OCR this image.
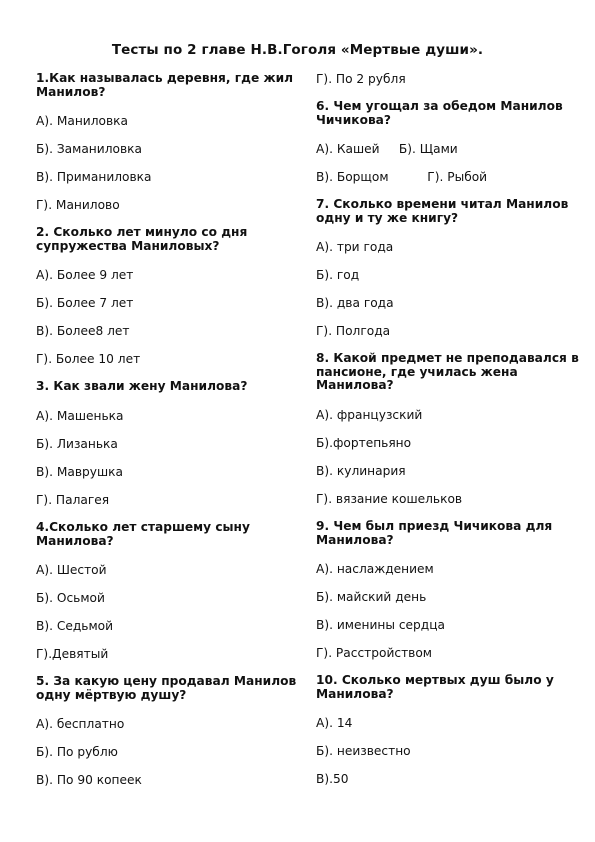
Тесты по 2 главе Н.В.Гоголя «Мертвые души».
1.Как называлась деревня, где жил Манилов?
А). Маниловка
Б). Заманиловка
В). Приманиловка
Г). Манилово
2. Сколько лет минуло со дня супружества Маниловых?
А). Более 9 лет
Б). Более 7 лет
В). Более8 лет
Г). Более 10 лет
3. Как звали жену Манилова?
А). Машенька
Б). Лизанька
В). Маврушка
Г). Палагея
4.Сколько лет старшему сыну Манилова?
А). Шестой
Б). Осьмой
В). Седьмой
Г).Девятый
5. За какую цену продавал Манилов одну мёртвую душу?
А). бесплатно
Б). По рублю
В). По 90 копеек
Г). По 2 рубля
6. Чем угощал за обедом Манилов Чичикова?
А). Кашей     Б). Щами
В). Борщом          Г). Рыбой
7. Сколько времени читал Манилов одну и ту же книгу?
А). три года
Б). год
В). два года
Г). Полгода
8. Какой предмет не преподавался в пансионе, где училась жена Манилова?
А). французский
Б).фортепьяно
В). кулинария
Г). вязание кошельков
9. Чем был приезд Чичикова для Манилова?
А). наслаждением
Б). майский день
В). именины сердца
Г). Расстройством
10. Сколько мертвых душ было у Манилова?
А). 14
Б). неизвестно
В).50
